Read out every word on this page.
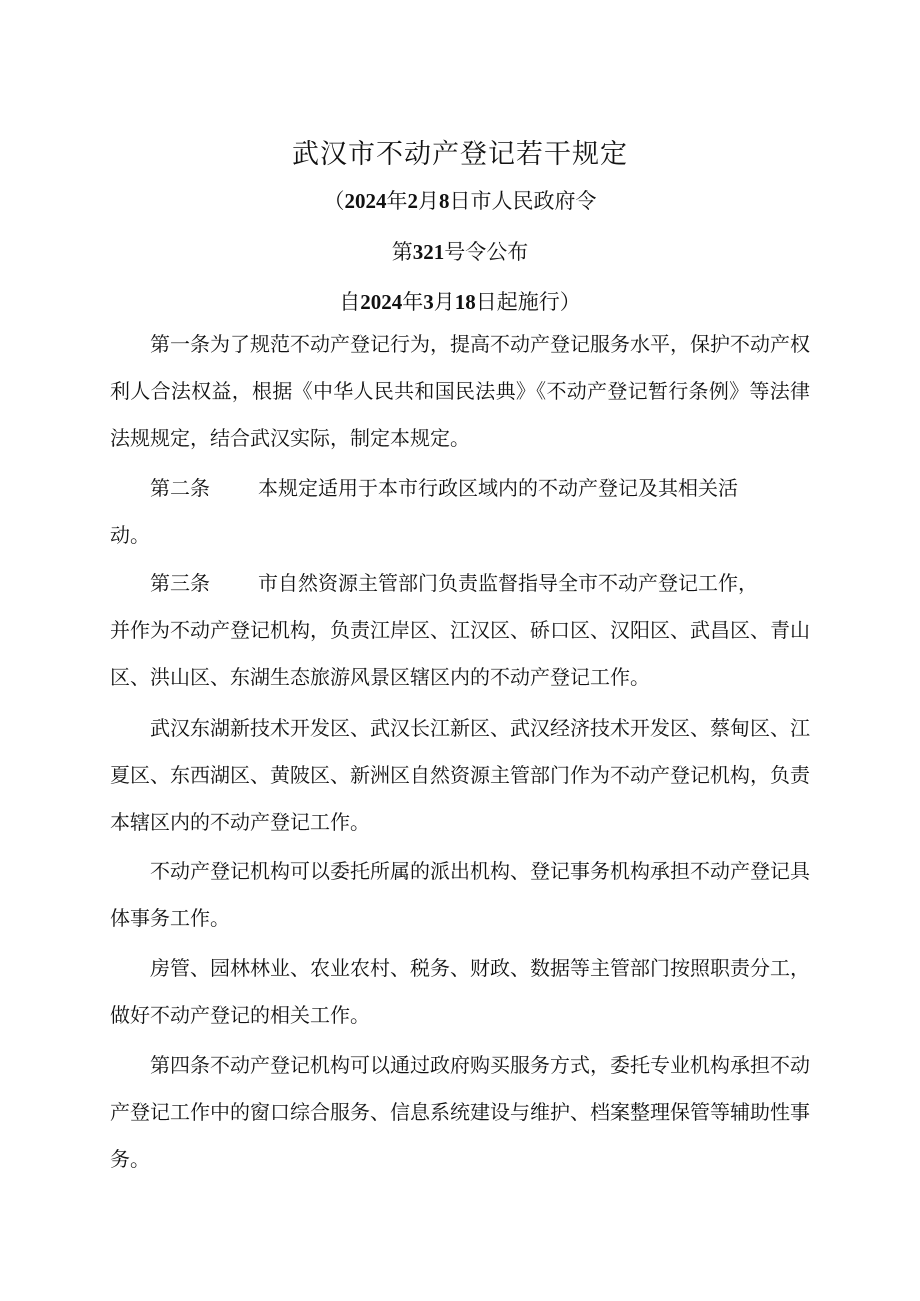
武汉市不动产登记若干规定
（2024年2月8日市人民政府令
第321号令公布
自2024年3月18日起施行）
第一条为了规范不动产登记行为，提高不动产登记服务水平，保护不动产权利人合法权益，根据《中华人民共和国民法典》《不动产登记暂行条例》等法律法规规定，结合武汉实际，制定本规定。
第二条 本规定适用于本市行政区域内的不动产登记及其相关活
动。
第三条 市自然资源主管部门负责监督指导全市不动产登记工作，
并作为不动产登记机构，负责江岸区、江汉区、硚口区、汉阳区、武昌区、青山区、洪山区、东湖生态旅游风景区辖区内的不动产登记工作。
武汉东湖新技术开发区、武汉长江新区、武汉经济技术开发区、蔡甸区、江夏区、东西湖区、黄陂区、新洲区自然资源主管部门作为不动产登记机构，负责本辖区内的不动产登记工作。
不动产登记机构可以委托所属的派出机构、登记事务机构承担不动产登记具体事务工作。
房管、园林林业、农业农村、税务、财政、数据等主管部门按照职责分工，做好不动产登记的相关工作。
第四条不动产登记机构可以通过政府购买服务方式，委托专业机构承担不动产登记工作中的窗口综合服务、信息系统建设与维护、档案整理保管等辅助性事务。
